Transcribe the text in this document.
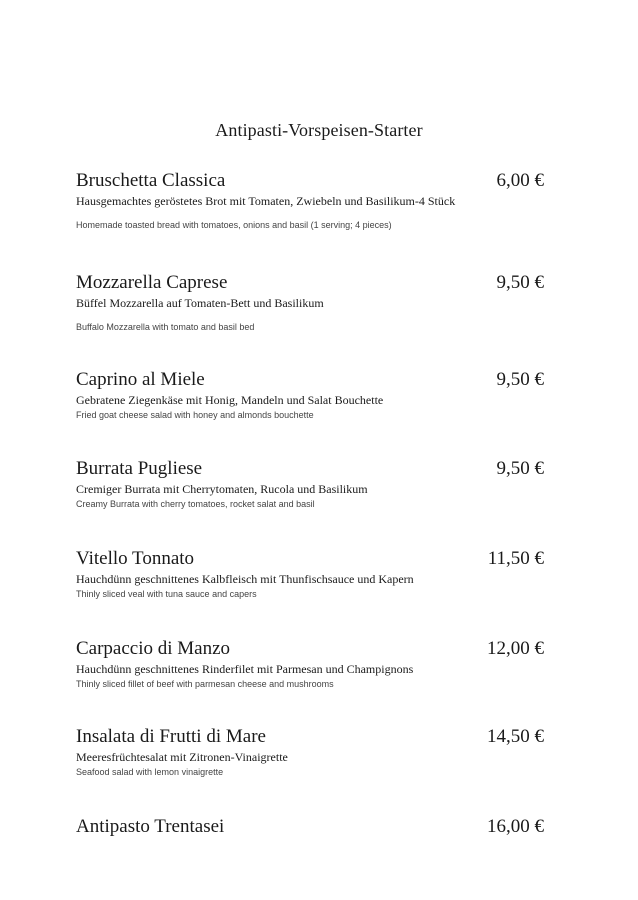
Antipasti-Vorspeisen-Starter
Bruschetta Classica	6,00 €
Hausgemachtes geröstetes Brot mit Tomaten, Zwiebeln und Basilikum-4 Stück
Homemade toasted bread with tomatoes, onions and basil (1 serving; 4 pieces)
Mozzarella Caprese	9,50 €
Büffel Mozzarella auf Tomaten-Bett und Basilikum
Buffalo Mozzarella with tomato and basil bed
Caprino al Miele	9,50 €
Gebratene Ziegenkäse mit Honig, Mandeln und Salat Bouchette
Fried goat cheese salad with honey and almonds bouchette
Burrata Pugliese	9,50 €
Cremiger Burrata mit Cherrytomaten, Rucola und Basilikum
Creamy Burrata with cherry tomatoes, rocket salat and basil
Vitello Tonnato	11,50 €
Hauchdünn geschnittenes Kalbfleisch mit Thunfischsauce und Kapern
Thinly sliced veal with tuna sauce and capers
Carpaccio di Manzo	12,00 €
Hauchdünn geschnittenes Rinderfilet mit Parmesan und Champignons
Thinly sliced fillet of beef with parmesan cheese and mushrooms
Insalata di Frutti di Mare	14,50 €
Meeresfrüchtesalat mit Zitronen-Vinaigrette
Seafood salad with lemon vinaigrette
Antipasto Trentasei	16,00 €
